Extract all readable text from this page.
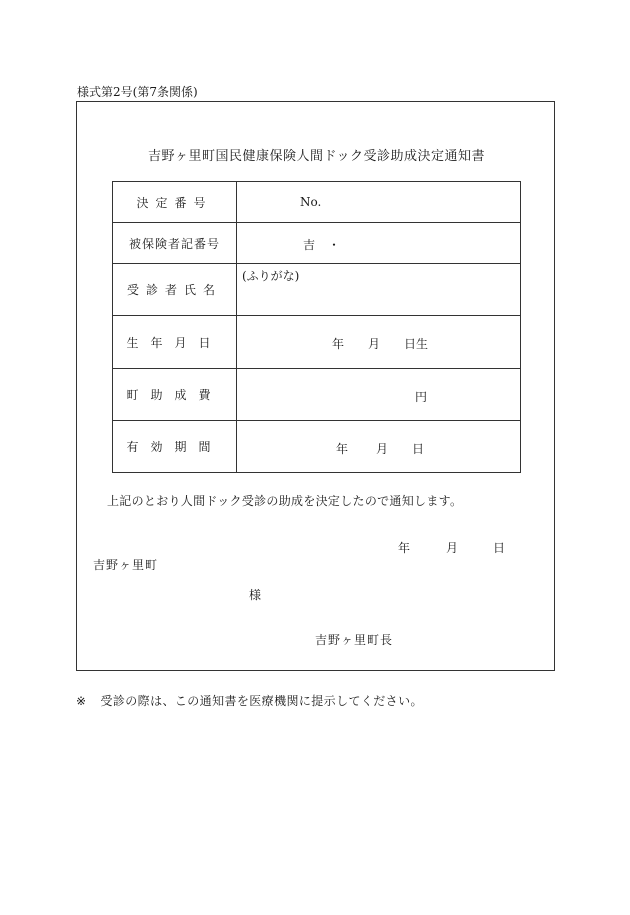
様式第2号(第7条関係)
吉野ヶ里町国民健康保険人間ドック受診助成決定通知書
決定番号	No.

被保険者記番号	吉 ・

受診者氏名	(ふりがな)

生年月日	年 月 日生

町助成費	円

有効期間	年 月 日
上記のとおり人間ドック受診の助成を決定したので通知します。
年	月	日
吉野ヶ里町
様
吉野ヶ里町長
※ 受診の際は、この通知書を医療機関に提示してください。
